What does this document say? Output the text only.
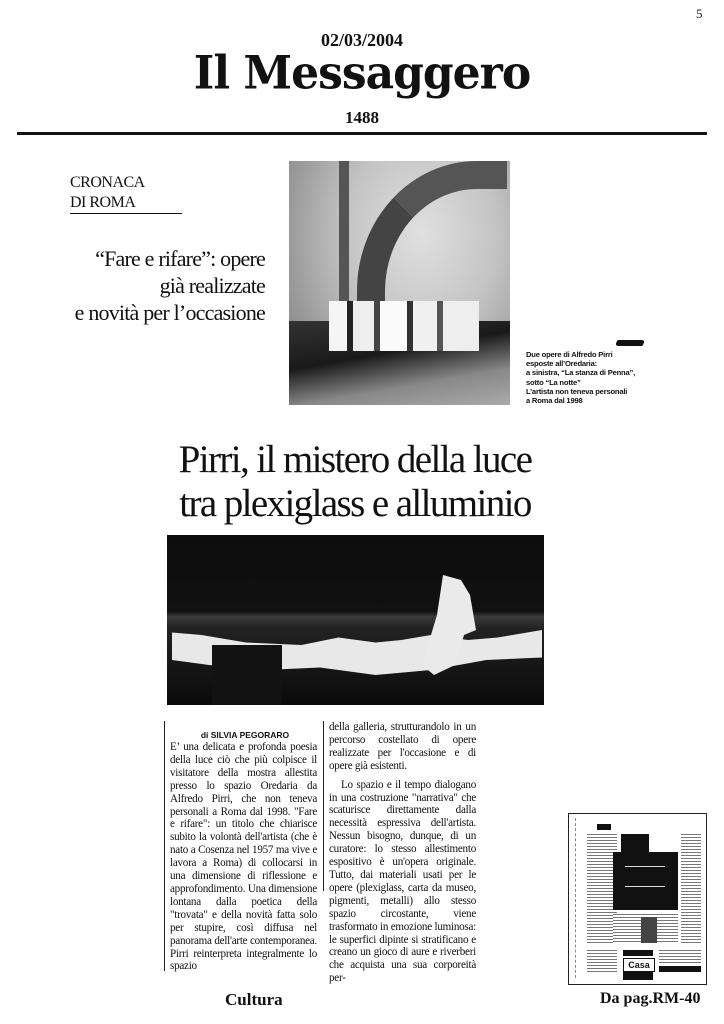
5
02/03/2004
Il Messaggero
1488
CRONACA
DI ROMA
“Fare e rifare”: opere
già realizzate
e novità per l’occasione
Due opere di Alfredo Pirri
esposte all’Oredaria:
a sinistra, “La stanza di Penna”,
sotto “La notte”
L’artista non teneva personali
a Roma dal 1998
Pirri, il mistero della luce
tra plexiglass e alluminio
di SILVIA PEGORARO

E’ una delicata e profonda poesia della luce ciò che più colpisce il visitatore della mostra allestita presso lo spazio Oredaria da Alfredo Pirri, che non teneva personali a Roma dal 1998. "Fare e rifare": un titolo che chiarisce subito la volontà dell'artista (che è nato a Cosenza nel 1957 ma vive e lavora a Roma) di collocarsi in una dimensione di riflessione e approfondimento. Una dimensione lontana dalla poetica della "trovata" e della novità fatta solo per stupire, così diffusa nel panorama dell'arte contemporanea. Pirri reinterpreta integralmente lo spazio

della galleria, strutturandolo in un percorso costellato di opere realizzate per l'occasione e di opere già esistenti.

Lo spazio e il tempo dialogano in una costruzione "narrativa" che scaturisce direttamente dalla necessità espressiva dell'artista. Nessun bisogno, dunque, di un curatore: lo stesso allestimento espositivo è un'opera originale. Tutto, dai materiali usati per le opere (plexiglass, carta da museo, pigmenti, metalli) allo stesso spazio circostante, viene trasformato in emozione luminosa: le superfici dipinte si stratificano e creano un gioco di aure e riverberi che acquista una sua corporeità per-

Casa
Cultura	Da pag.RM-40
